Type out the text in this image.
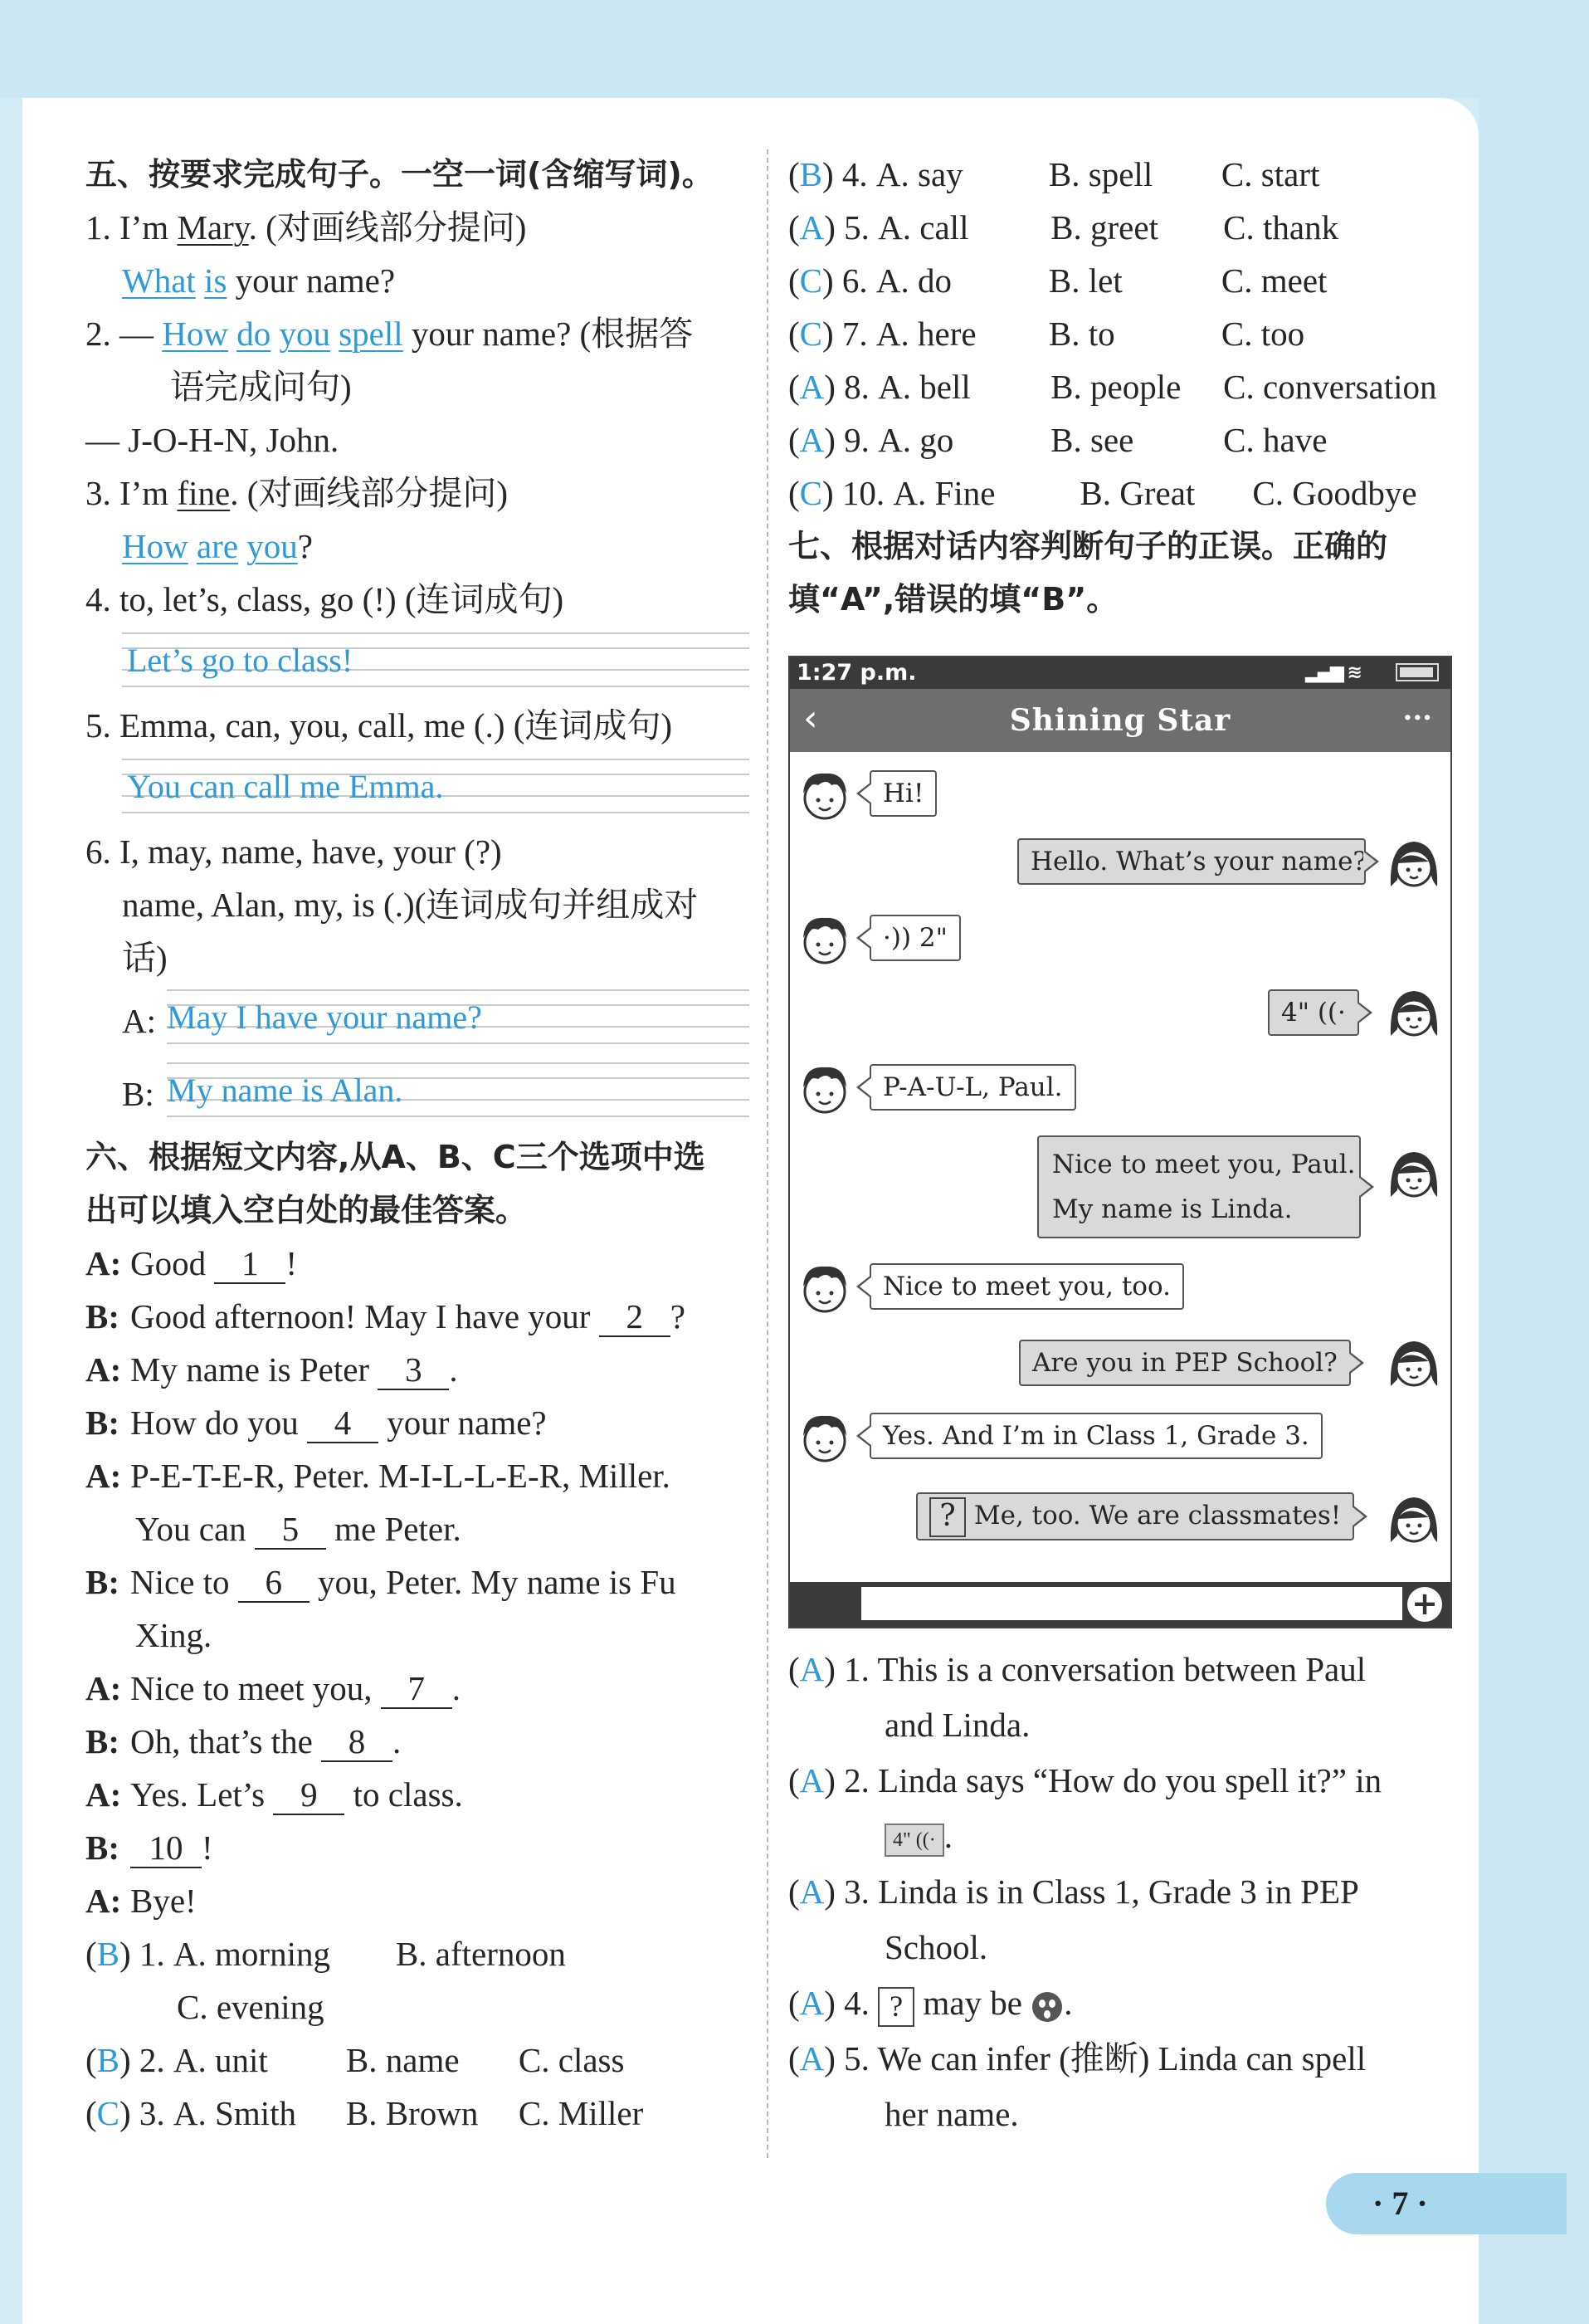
五、按要求完成句子。一空一词(含缩写词)。
1. I’m Mary. (对画线部分提问)
What is your name?
2. — How do you spell your name? (根据答
语完成问句)
— J-O-H-N, John.
3. I’m fine. (对画线部分提问)
How are you?
4. to, let’s, class, go (!) (连词成句)
Let’s go to class!
5. Emma, can, you, call, me (.) (连词成句)
You can call me Emma.
6. I, may, name, have, your (?)
name, Alan, my, is (.)(连词成句并组成对
话)
A: May I have your name?
B: My name is Alan.
六、根据短文内容,从A、B、C三个选项中选
出可以填入空白处的最佳答案。
A: Good 1 !
B: Good afternoon! May I have your 2 ?
A: My name is Peter 3 .
B: How do you 4 your name?
A: P-E-T-E-R, Peter. M-I-L-L-E-R, Miller.
You can 5 me Peter.
B: Nice to 6 you, Peter. My name is Fu
Xing.
A: Nice to meet you, 7 .
B: Oh, that’s the 8 .
A: Yes. Let’s 9 to class.
B: 10 !
A: Bye!
(B) 1. A. morning B. afternoon
C. evening
(B) 2. A. unit B. name C. class
(C) 3. A. Smith B. Brown C. Miller
(B) 4. A. say	B. spell C. start
(A) 5. A. call B. greet C. thank
(C) 6. A. do	B. let	C. meet
(C) 7. A. here B. to	C. too
(A) 8. A. bell B. people C. conversation
(A) 9. A. go	B. see	C. have
(C) 10. A. Fine B. Great C. Goodbye
七、根据对话内容判断句子的正误。正确的
填“A”,错误的填“B”。
1:27 p.m.	▂▄▆ ≋
‹	Shining Star	···
Hi!
Hello. What’s your name?
·)) 2"
4" ((·
P-A-U-L, Paul.
Nice to meet you, Paul.
My name is Linda.
Nice to meet you, too.
Are you in PEP School?
Yes. And I’m in Class 1, Grade 3.
? Me, too. We are classmates!
+
(A) 1. This is a conversation between Paul
and Linda.
(A) 2. Linda says “How do you spell it?” in
4" ((· .
(A) 3. Linda is in Class 1, Grade 3 in PEP
School.
(A) 4. ? may be .
(A) 5. We can infer (推断) Linda can spell
her name.
· 7 ·
